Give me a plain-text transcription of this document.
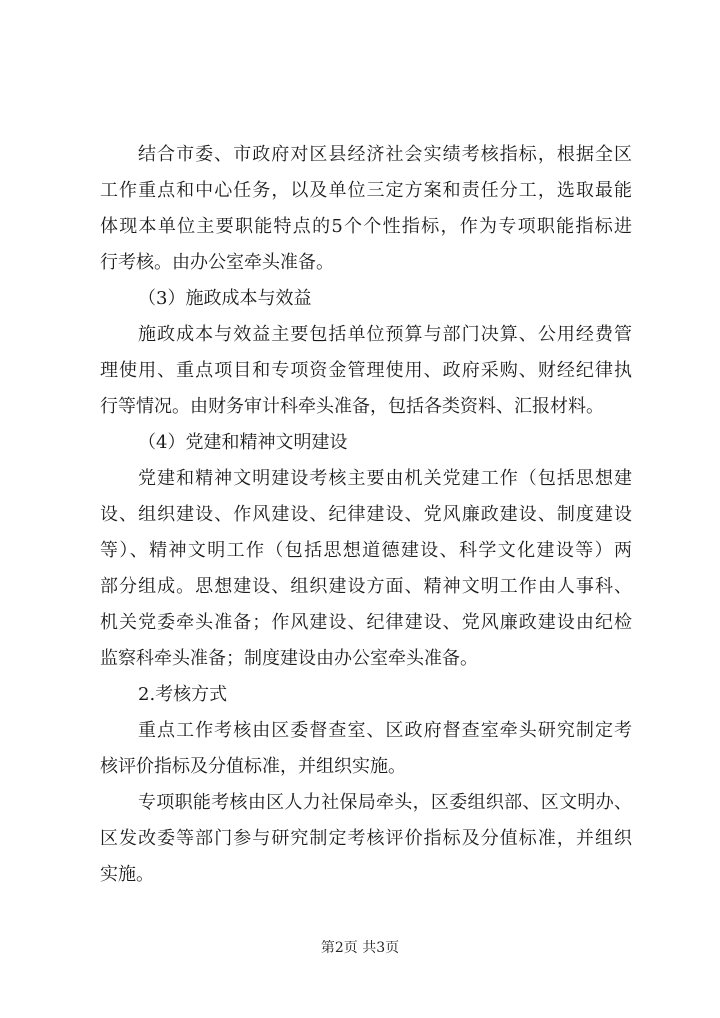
结合市委、市政府对区县经济社会实绩考核指标，根据全区
工作重点和中心任务，以及单位三定方案和责任分工，选取最能
体现本单位主要职能特点的5个个性指标，作为专项职能指标进
行考核。由办公室牵头准备。
（3）施政成本与效益
施政成本与效益主要包括单位预算与部门决算、公用经费管
理使用、重点项目和专项资金管理使用、政府采购、财经纪律执
行等情况。由财务审计科牵头准备，包括各类资料、汇报材料。
（4）党建和精神文明建设
党建和精神文明建设考核主要由机关党建工作（包括思想建
设、组织建设、作风建设、纪律建设、党风廉政建设、制度建设
等）、精神文明工作（包括思想道德建设、科学文化建设等）两
部分组成。思想建设、组织建设方面、精神文明工作由人事科、
机关党委牵头准备；作风建设、纪律建设、党风廉政建设由纪检
监察科牵头准备；制度建设由办公室牵头准备。
2.考核方式
重点工作考核由区委督查室、区政府督查室牵头研究制定考
核评价指标及分值标准，并组织实施。
专项职能考核由区人力社保局牵头，区委组织部、区文明办、
区发改委等部门参与研究制定考核评价指标及分值标准，并组织
实施。
第2页 共3页
